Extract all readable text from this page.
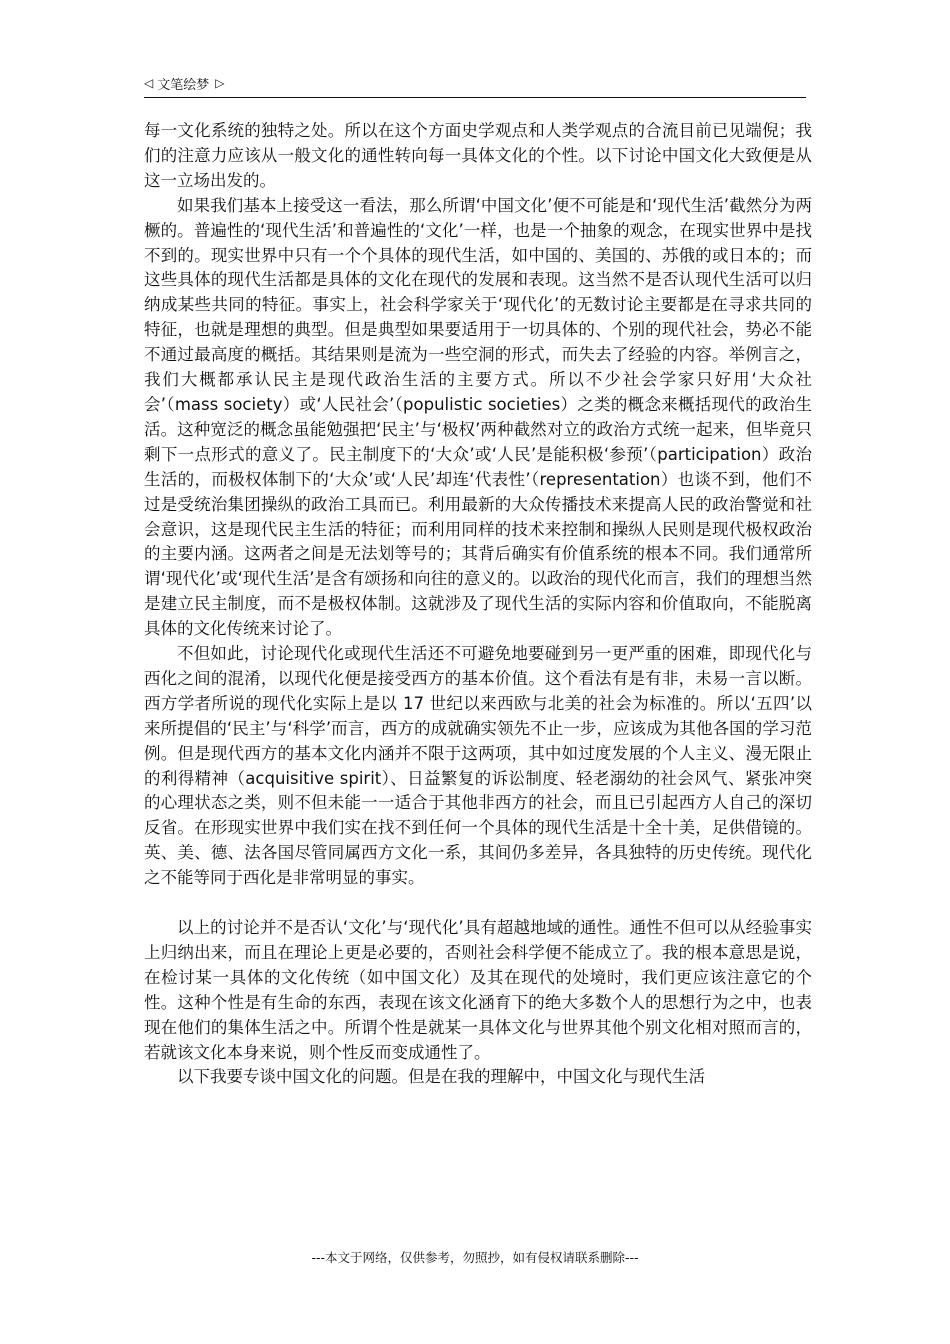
◁ 文笔绘梦 ▷

每一文化系统的独特之处。所以在这个方面史学观点和人类学观点的合流目前已见端倪；我们的注意力应该从一般文化的通性转向每一具体文化的个性。以下讨论中国文化大致便是从这一立场出发的。

如果我们基本上接受这一看法，那么所谓‘中国文化’便不可能是和‘现代生活’截然分为两橛的。普遍性的‘现代生活’和普遍性的‘文化’一样，也是一个抽象的观念，在现实世界中是找不到的。现实世界中只有一个个具体的现代生活，如中国的、美国的、苏俄的或日本的；而这些具体的现代生活都是具体的文化在现代的发展和表现。这当然不是否认现代生活可以归纳成某些共同的特征。事实上，社会科学家关于‘现代化’的无数讨论主要都是在寻求共同的特征，也就是理想的典型。但是典型如果要适用于一切具体的、个别的现代社会，势必不能不通过最高度的概括。其结果则是流为一些空洞的形式，而失去了经验的内容。举例言之，我们大概都承认民主是现代政治生活的主要方式。所以不少社会学家只好用‘大众社会’（mass society）或‘人民社会’（populistic societies）之类的概念来概括现代的政治生活。这种宽泛的概念虽能勉强把‘民主’与‘极权’两种截然对立的政治方式统一起来，但毕竟只剩下一点形式的意义了。民主制度下的‘大众’或‘人民’是能积极‘参预’（participation）政治生活的，而极权体制下的‘大众’或‘人民’却连‘代表性’（representation）也谈不到，他们不过是受统治集团操纵的政治工具而已。利用最新的大众传播技术来提高人民的政治警觉和社会意识，这是现代民主生活的特征；而利用同样的技术来控制和操纵人民则是现代极权政治的主要内涵。这两者之间是无法划等号的；其背后确实有价值系统的根本不同。我们通常所谓‘现代化’或‘现代生活’是含有颂扬和向往的意义的。以政治的现代化而言，我们的理想当然是建立民主制度，而不是极权体制。这就涉及了现代生活的实际内容和价值取向，不能脱离具体的文化传统来讨论了。

不但如此，讨论现代化或现代生活还不可避免地要碰到另一更严重的困难，即现代化与西化之间的混淆，以现代化便是接受西方的基本价值。这个看法有是有非，未易一言以断。西方学者所说的现代化实际上是以 17 世纪以来西欧与北美的社会为标准的。所以‘五四’以来所提倡的‘民主’与‘科学’而言，西方的成就确实领先不止一步，应该成为其他各国的学习范例。但是现代西方的基本文化内涵并不限于这两项，其中如过度发展的个人主义、漫无限止的利得精神（acquisitive spirit）、日益繁复的诉讼制度、轻老溺幼的社会风气、紧张冲突的心理状态之类，则不但未能一一适合于其他非西方的社会，而且已引起西方人自己的深切反省。在形现实世界中我们实在找不到任何一个具体的现代生活是十全十美，足供借镜的。英、美、德、法各国尽管同属西方文化一系，其间仍多差异，各具独特的历史传统。现代化之不能等同于西化是非常明显的事实。

以上的讨论并不是否认‘文化’与‘现代化’具有超越地域的通性。通性不但可以从经验事实上归纳出来，而且在理论上更是必要的，否则社会科学便不能成立了。我的根本意思是说，在检讨某一具体的文化传统（如中国文化）及其在现代的处境时，我们更应该注意它的个性。这种个性是有生命的东西，表现在该文化涵育下的绝大多数个人的思想行为之中，也表现在他们的集体生活之中。所谓个性是就某一具体文化与世界其他个别文化相对照而言的，若就该文化本身来说，则个性反而变成通性了。

以下我要专谈中国文化的问题。但是在我的理解中，中国文化与现代生活

---本文于网络，仅供参考，勿照抄，如有侵权请联系删除---
